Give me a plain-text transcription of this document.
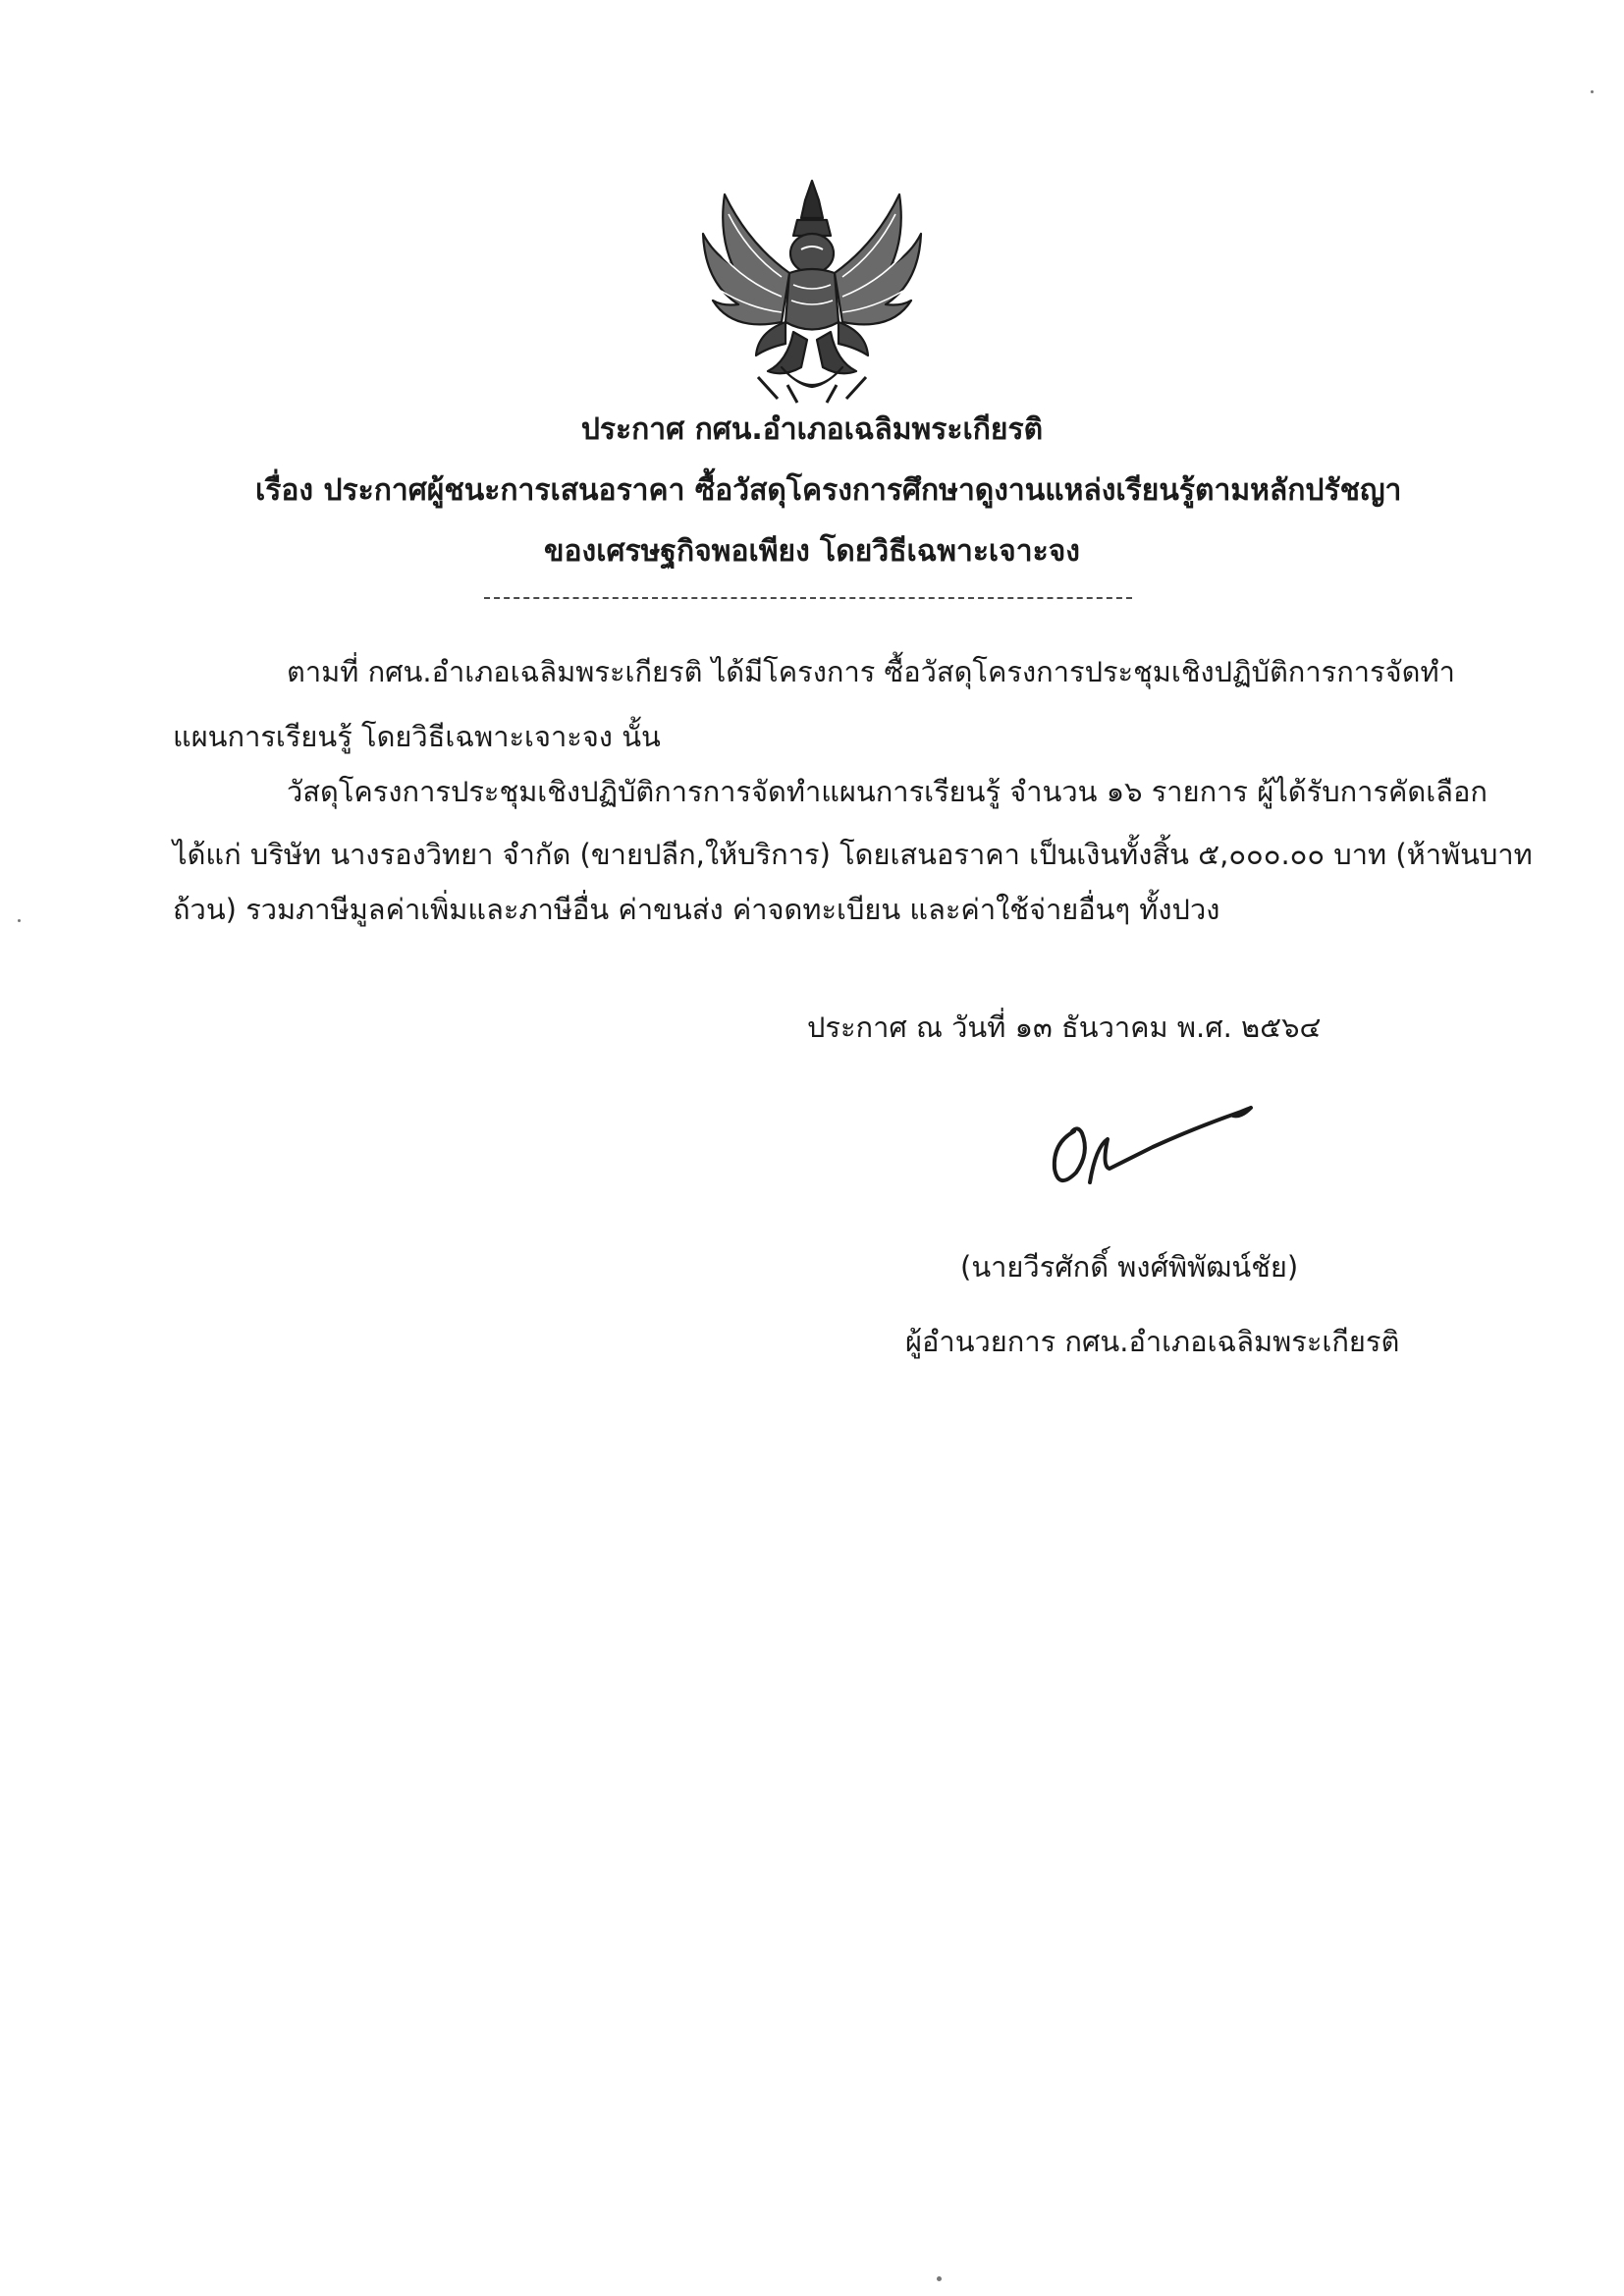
ประกาศ กศน.อำเภอเฉลิมพระเกียรติ
เรื่อง ประกาศผู้ชนะการเสนอราคา ซื้อวัสดุโครงการศึกษาดูงานแหล่งเรียนรู้ตามหลักปรัชญา
ของเศรษฐกิจพอเพียง โดยวิธีเฉพาะเจาะจง
ตามที่ กศน.อำเภอเฉลิมพระเกียรติ ได้มีโครงการ ซื้อวัสดุโครงการประชุมเชิงปฏิบัติการการจัดทำ
แผนการเรียนรู้ โดยวิธีเฉพาะเจาะจง นั้น
วัสดุโครงการประชุมเชิงปฏิบัติการการจัดทำแผนการเรียนรู้ จำนวน ๑๖ รายการ ผู้ได้รับการคัดเลือก
ได้แก่ บริษัท นางรองวิทยา จำกัด (ขายปลีก,ให้บริการ) โดยเสนอราคา เป็นเงินทั้งสิ้น ๕,๐๐๐.๐๐ บาท (ห้าพันบาท
ถ้วน) รวมภาษีมูลค่าเพิ่มและภาษีอื่น ค่าขนส่ง ค่าจดทะเบียน และค่าใช้จ่ายอื่นๆ ทั้งปวง
ประกาศ ณ วันที่ ๑๓ ธันวาคม พ.ศ. ๒๕๖๔
(นายวีรศักดิ์ พงศ์พิพัฒน์ชัย)
ผู้อำนวยการ กศน.อำเภอเฉลิมพระเกียรติ
